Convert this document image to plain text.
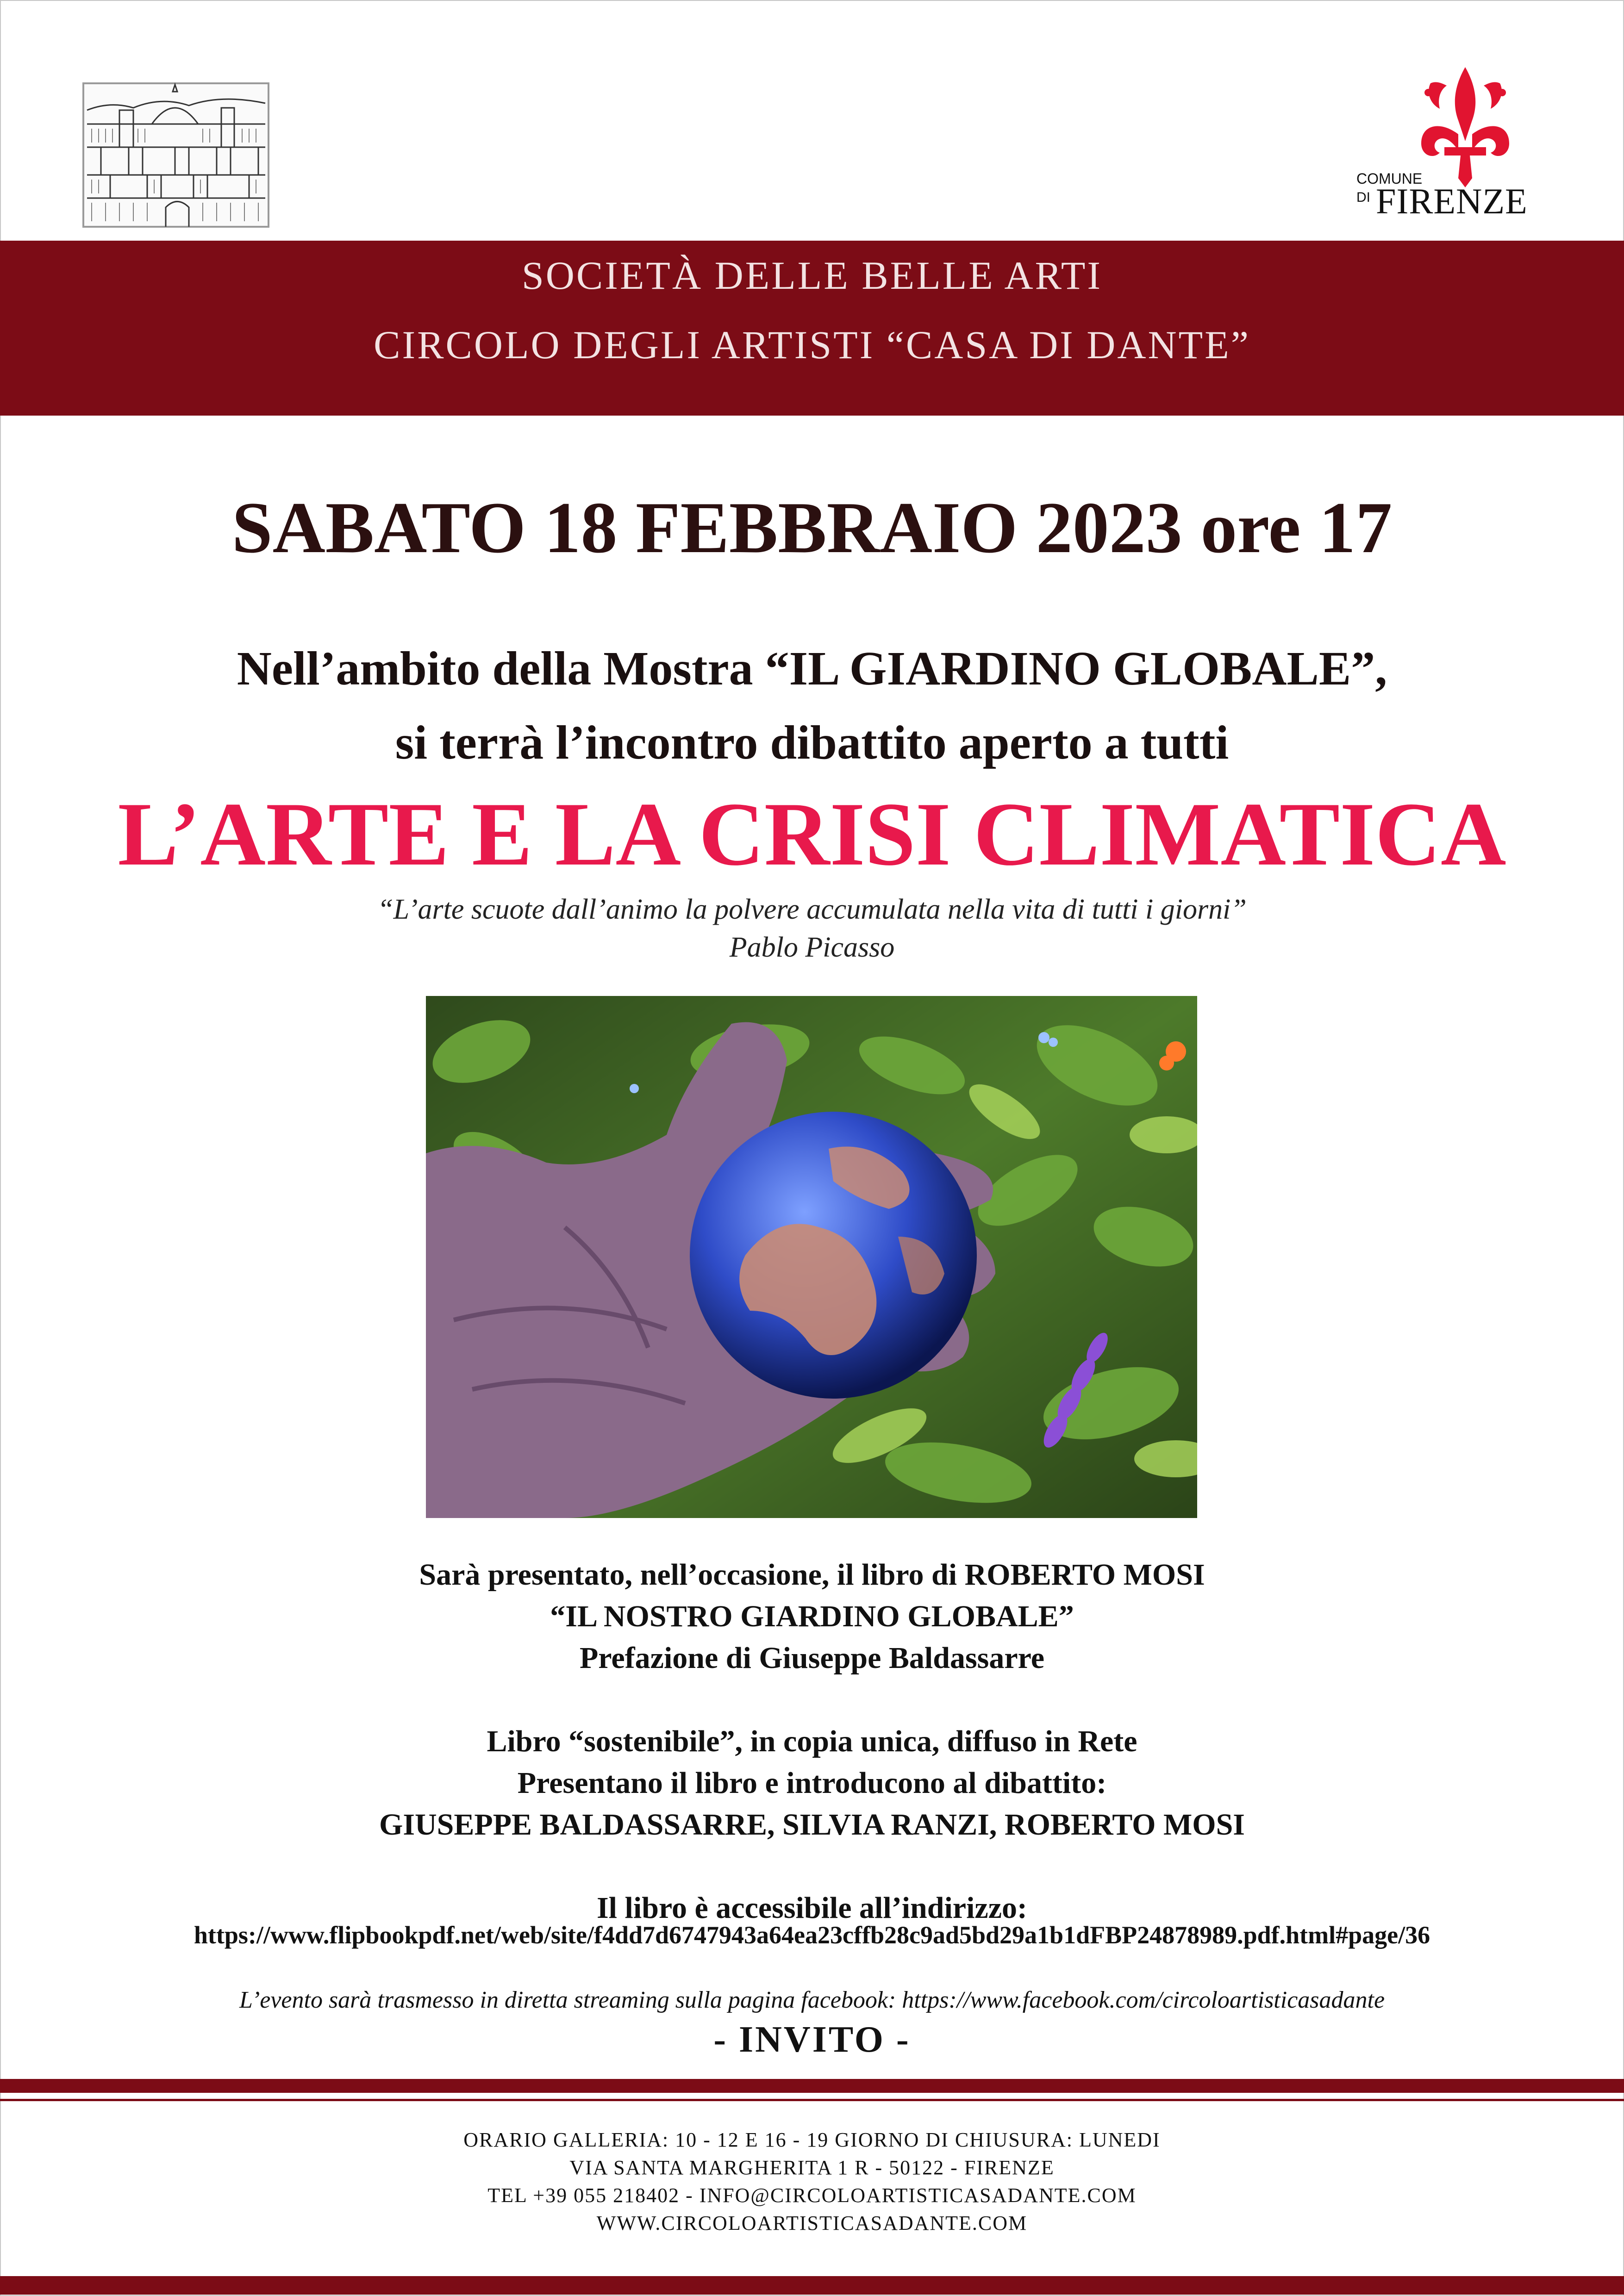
COMUNE
DI FIRENZE
SOCIETÀ DELLE BELLE ARTI
CIRCOLO DEGLI ARTISTI “CASA DI DANTE”
SABATO 18 FEBBRAIO 2023 ore 17
Nell’ambito della Mostra “IL GIARDINO GLOBALE”,
si terrà l’incontro dibattito aperto a tutti
L’ARTE E LA CRISI CLIMATICA
“L’arte scuote dall’animo la polvere accumulata nella vita di tutti i giorni”
Pablo Picasso
Sarà presentato, nell’occasione, il libro di ROBERTO MOSI
“IL NOSTRO GIARDINO GLOBALE”
Prefazione di Giuseppe Baldassarre
Libro “sostenibile”, in copia unica, diffuso in Rete
Presentano il libro e introducono al dibattito:
GIUSEPPE BALDASSARRE, SILVIA RANZI, ROBERTO MOSI
Il libro è accessibile all’indirizzo:
https://www.flipbookpdf.net/web/site/f4dd7d6747943a64ea23cffb28c9ad5bd29a1b1dFBP24878989.pdf.html#page/36
L’evento sarà trasmesso in diretta streaming sulla pagina facebook: https://www.facebook.com/circoloartisticasadante
- INVITO -
ORARIO GALLERIA: 10 - 12 E 16 - 19 GIORNO DI CHIUSURA: LUNEDI
VIA SANTA MARGHERITA 1 R - 50122 - FIRENZE
TEL +39 055 218402 - INFO@CIRCOLOARTISTICASADANTE.COM
WWW.CIRCOLOARTISTICASADANTE.COM
